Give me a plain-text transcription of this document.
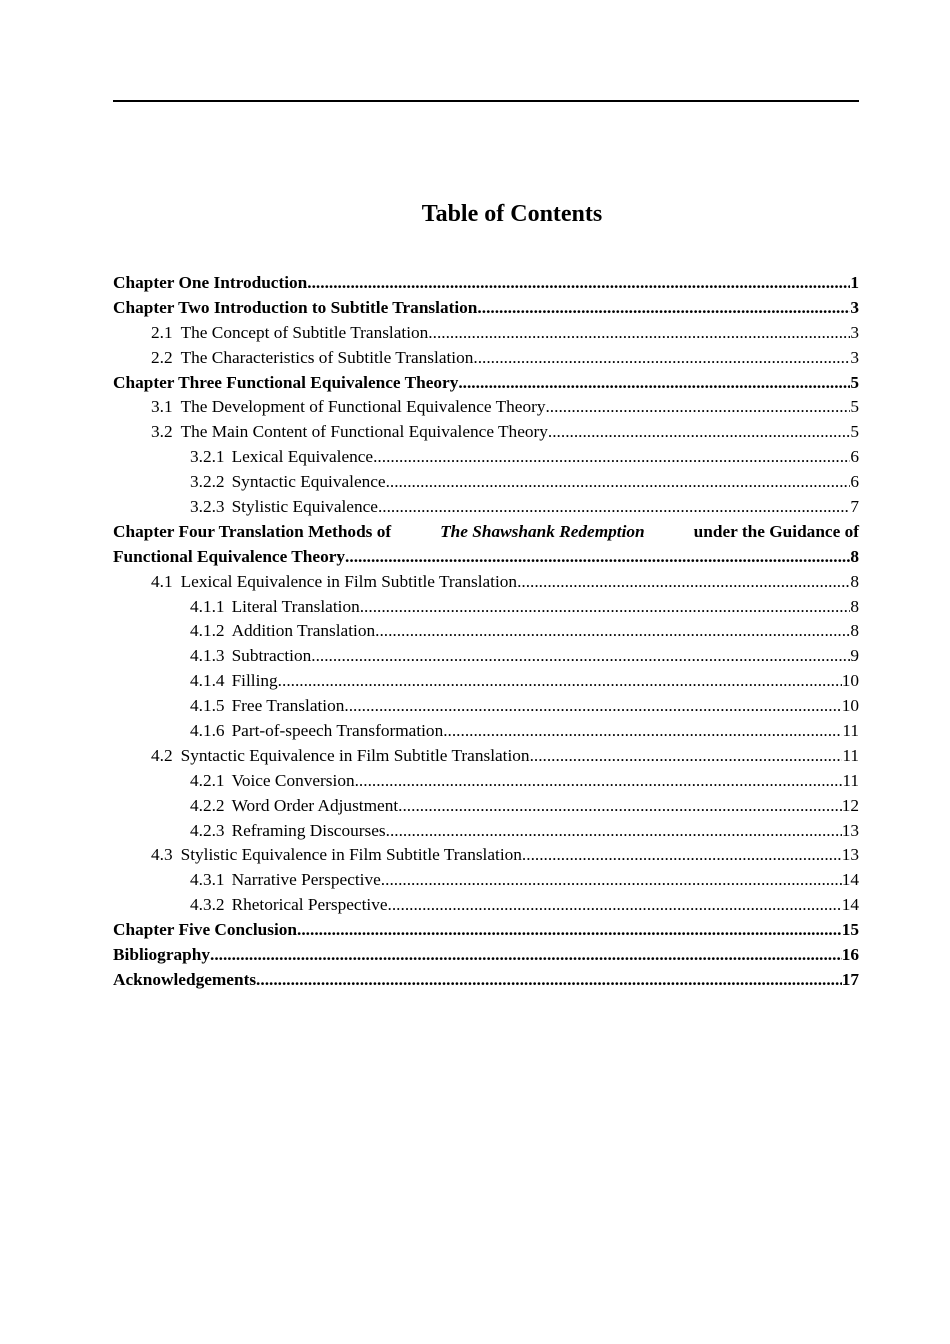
Table of Contents
Chapter One Introduction .....	1
Chapter Two Introduction to Subtitle Translation .....	3
2.1 The Concept of Subtitle Translation .....	3
2.2 The Characteristics of Subtitle Translation .....	3
Chapter Three Functional Equivalence Theory .....	5
3.1 The Development of Functional Equivalence Theory .....	5
3.2 The Main Content of Functional Equivalence Theory .....	5
3.2.1 Lexical Equivalence .....	6
3.2.2 Syntactic Equivalence .....	6
3.2.3 Stylistic Equivalence .....	7
Chapter Four Translation Methods of	The Shawshank Redemption	under the Guidance of
Functional Equivalence Theory .....	8
4.1 Lexical Equivalence in Film Subtitle Translation .....	8
4.1.1 Literal Translation .....	8
4.1.2 Addition Translation .....	8
4.1.3 Subtraction .....	9
4.1.4 Filling .....	10
4.1.5 Free Translation .....	10
4.1.6 Part-of-speech Transformation .....	11
4.2 Syntactic Equivalence in Film Subtitle Translation .....	11
4.2.1 Voice Conversion .....	11
4.2.2 Word Order Adjustment .....	12
4.2.3 Reframing Discourses .....	13
4.3 Stylistic Equivalence in Film Subtitle Translation .....	13
4.3.1 Narrative Perspective .....	14
4.3.2 Rhetorical Perspective .....	14
Chapter Five Conclusion .....	15
Bibliography .....	16
Acknowledgements .....	17
